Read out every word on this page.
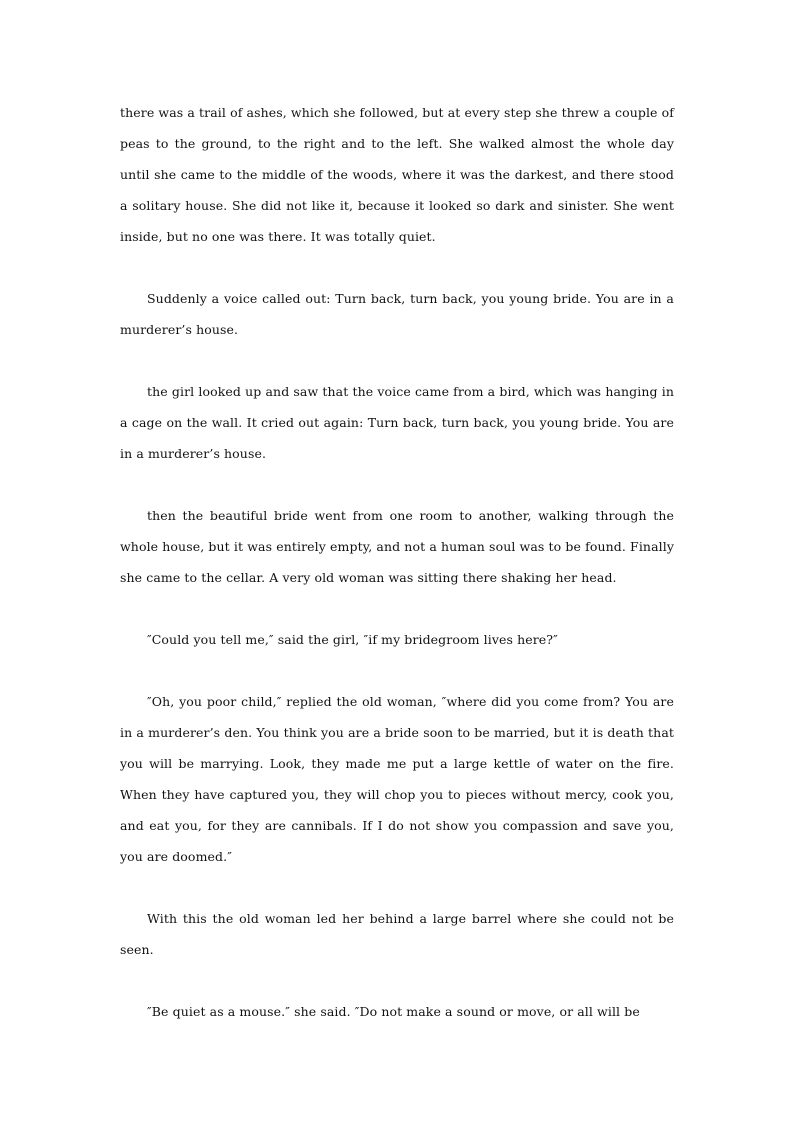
there was a trail of ashes, which she followed, but at every step she threw a couple of peas to the ground, to the right and to the left. She walked almost the whole day until she came to the middle of the woods, where it was the darkest, and there stood a solitary house. She did not like it, because it looked so dark and sinister. She went inside, but no one was there. It was totally quiet.

Suddenly a voice called out: Turn back, turn back, you young bride. You are in a murderer’s house.

the girl looked up and saw that the voice came from a bird, which was hanging in a cage on the wall. It cried out again: Turn back, turn back, you young bride. You are in a murderer’s house.

then the beautiful bride went from one room to another, walking through the whole house, but it was entirely empty, and not a human soul was to be found. Finally she came to the cellar. A very old woman was sitting there shaking her head.

″Could you tell me,″ said the girl, ″if my bridegroom lives here?″

″Oh, you poor child,″ replied the old woman, ″where did you come from? You are in a murderer’s den. You think you are a bride soon to be married, but it is death that you will be marrying. Look, they made me put a large kettle of water on the fire. When they have captured you, they will chop you to pieces without mercy, cook you, and eat you, for they are cannibals. If I do not show you compassion and save you, you are doomed.″

With this the old woman led her behind a large barrel where she could not be seen.

″Be quiet as a mouse.″ she said. ″Do not make a sound or move, or all will be
